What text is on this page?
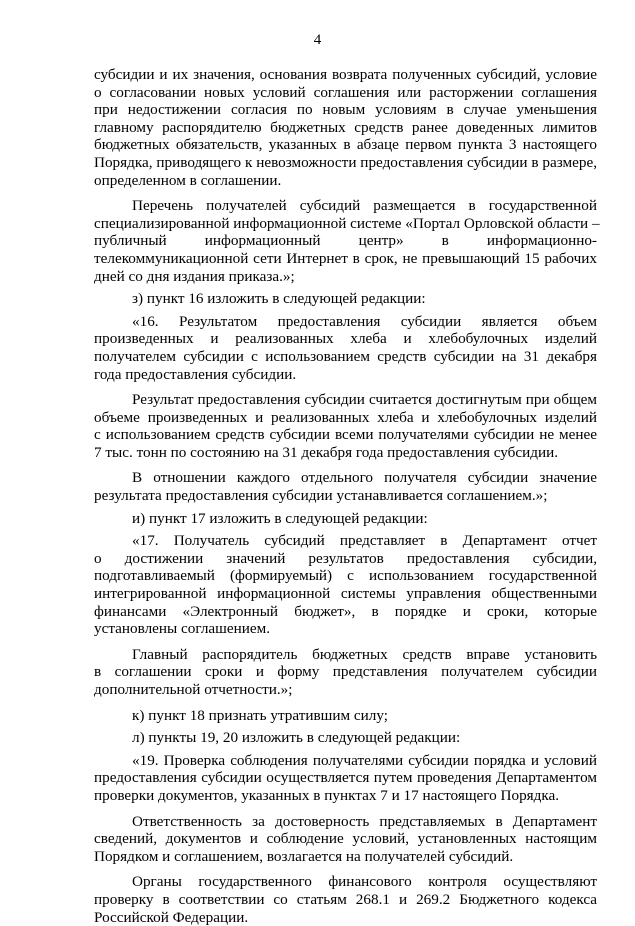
4
субсидии и их значения, основания возврата полученных субсидий, условие
о согласовании новых условий соглашения или расторжении соглашения
при недостижении согласия по новым условиям в случае уменьшения
главному распорядителю бюджетных средств ранее доведенных лимитов
бюджетных обязательств, указанных в абзаце первом пункта 3 настоящего
Порядка, приводящего к невозможности предоставления субсидии в размере,
определенном в соглашении.
Перечень получателей субсидий размещается в государственной
специализированной информационной системе «Портал Орловской области –
публичный информационный центр» в информационно-
телекоммуникационной сети Интернет в срок, не превышающий 15 рабочих
дней со дня издания приказа.»;
з) пункт 16 изложить в следующей редакции:
«16. Результатом предоставления субсидии является объем
произведенных и реализованных хлеба и хлебобулочных изделий
получателем субсидии с использованием средств субсидии на 31 декабря
года предоставления субсидии.
Результат предоставления субсидии считается достигнутым при общем
объеме произведенных и реализованных хлеба и хлебобулочных изделий
с использованием средств субсидии всеми получателями субсидии не менее
7 тыс. тонн по состоянию на 31 декабря года предоставления субсидии.
В отношении каждого отдельного получателя субсидии значение
результата предоставления субсидии устанавливается соглашением.»;
и) пункт 17 изложить в следующей редакции:
«17. Получатель субсидий представляет в Департамент отчет
о достижении значений результатов предоставления субсидии,
подготавливаемый (формируемый) с использованием государственной
интегрированной информационной системы управления общественными
финансами «Электронный бюджет», в порядке и сроки, которые
установлены соглашением.
Главный распорядитель бюджетных средств вправе установить
в соглашении сроки и форму представления получателем субсидии
дополнительной отчетности.»;
к) пункт 18 признать утратившим силу;
л) пункты 19, 20 изложить в следующей редакции:
«19. Проверка соблюдения получателями субсидии порядка и условий
предоставления субсидии осуществляется путем проведения Департаментом
проверки документов, указанных в пунктах 7 и 17 настоящего Порядка.
Ответственность за достоверность представляемых в Департамент
сведений, документов и соблюдение условий, установленных настоящим
Порядком и соглашением, возлагается на получателей субсидий.
Органы государственного финансового контроля осуществляют
проверку в соответствии со статьям 268.1 и 269.2 Бюджетного кодекса
Российской Федерации.
